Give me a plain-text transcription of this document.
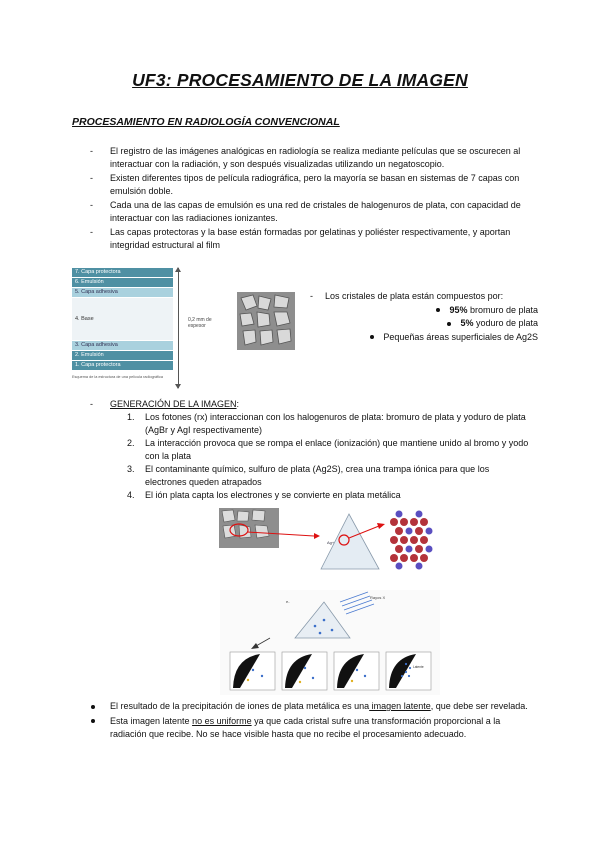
UF3: PROCESAMIENTO DE LA IMAGEN
PROCESAMIENTO EN RADIOLOGÍA CONVENCIONAL
- El registro de las imágenes analógicas en radiología se realiza mediante películas que se oscurecen al interactuar con la radiación, y son después visualizadas utilizando un negatoscopio.
- Existen diferentes tipos de película radiográfica, pero la mayoría se basan en sistemas de 7 capas con emulsión doble.
- Cada una de las capas de emulsión es una red de cristales de halogenuros de plata, con capacidad de interactuar con las radiaciones ionizantes.
- Las capas protectoras y la base están formadas por gelatinas y poliéster respectivamente, y aportan integridad estructural al film
7. Capa protectora
6. Emulsión
5. Capa adhesiva
4. Base
3. Capa adhesiva
2. Emulsión
1. Capa protectora
Esquema de la estructura de una película radiográfica
0,2 mm de espesor
- Los cristales de plata están compuestos por:
95% bromuro de plata
5% yoduro de plata
Pequeñas áreas superficiales de Ag2S
- GENERACIÓN DE LA IMAGEN:
1. Los fotones (rx) interaccionan con los halogenuros de plata: bromuro de plata y yoduro de plata (AgBr y AgI respectivamente)
2. La interacción provoca que se rompa el enlace (ionización) que mantiene unido al bromo y yodo con la plata
3. El contaminante químico, sulfuro de plata (Ag2S), crea una trampa iónica para que los electrones queden atrapados
4. El ión plata capta los electrones y se convierte en plata metálica
Ag+
e-
Rayos X
Latente
El resultado de la precipitación de iones de plata metálica es una imagen latente, que debe ser revelada.
Esta imagen latente no es uniforme ya que cada cristal sufre una transformación proporcional a la radiación que recibe. No se hace visible hasta que no recibe el procesamiento adecuado.
